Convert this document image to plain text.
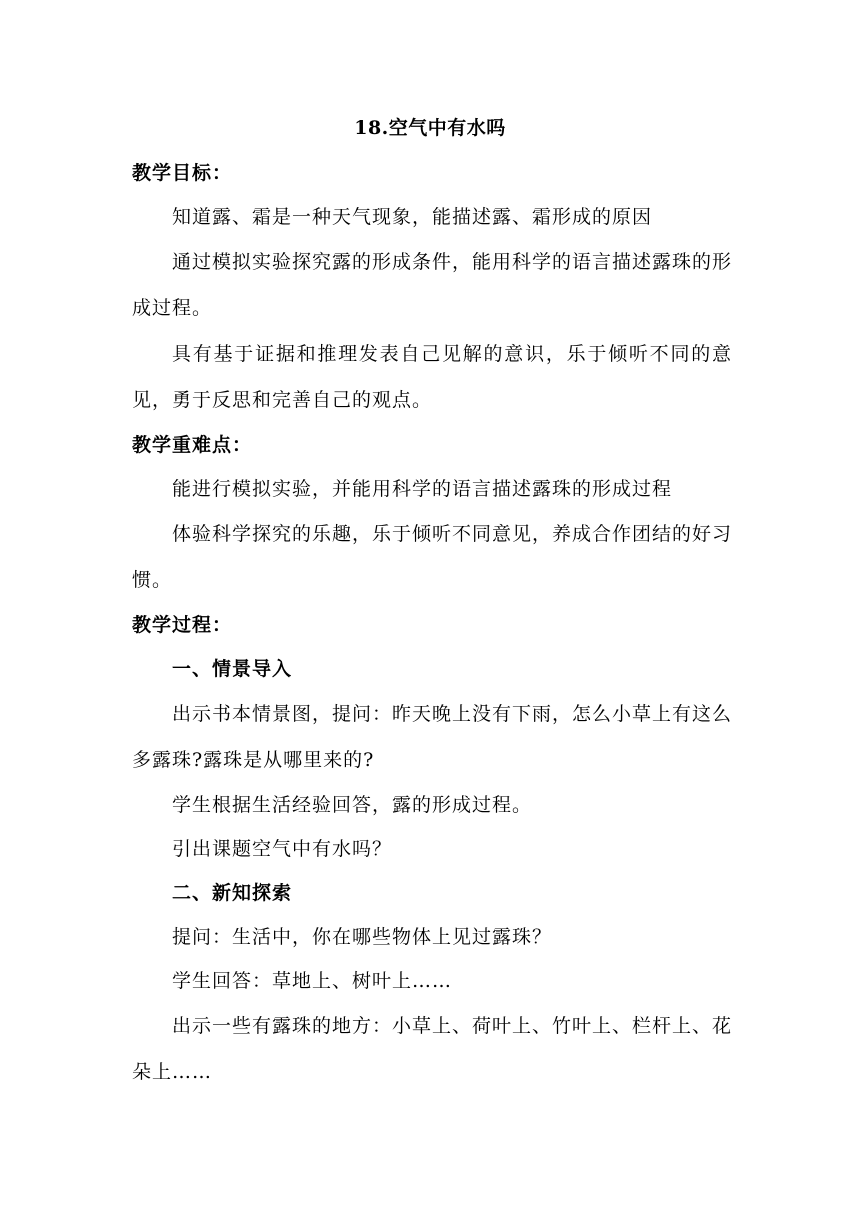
18.空气中有水吗
教学目标：
知道露、霜是一种天气现象，能描述露、霜形成的原因
通过模拟实验探究露的形成条件，能用科学的语言描述露珠的形成过程。
具有基于证据和推理发表自己见解的意识，乐于倾听不同的意见，勇于反思和完善自己的观点。
教学重难点：
能进行模拟实验，并能用科学的语言描述露珠的形成过程
体验科学探究的乐趣，乐于倾听不同意见，养成合作团结的好习惯。
教学过程：
一、情景导入
出示书本情景图，提问：昨天晚上没有下雨，怎么小草上有这么多露珠?露珠是从哪里来的?
学生根据生活经验回答，露的形成过程。
引出课题空气中有水吗？
二、新知探索
提问：生活中，你在哪些物体上见过露珠？
学生回答：草地上、树叶上……
出示一些有露珠的地方：小草上、荷叶上、竹叶上、栏杆上、花朵上……
